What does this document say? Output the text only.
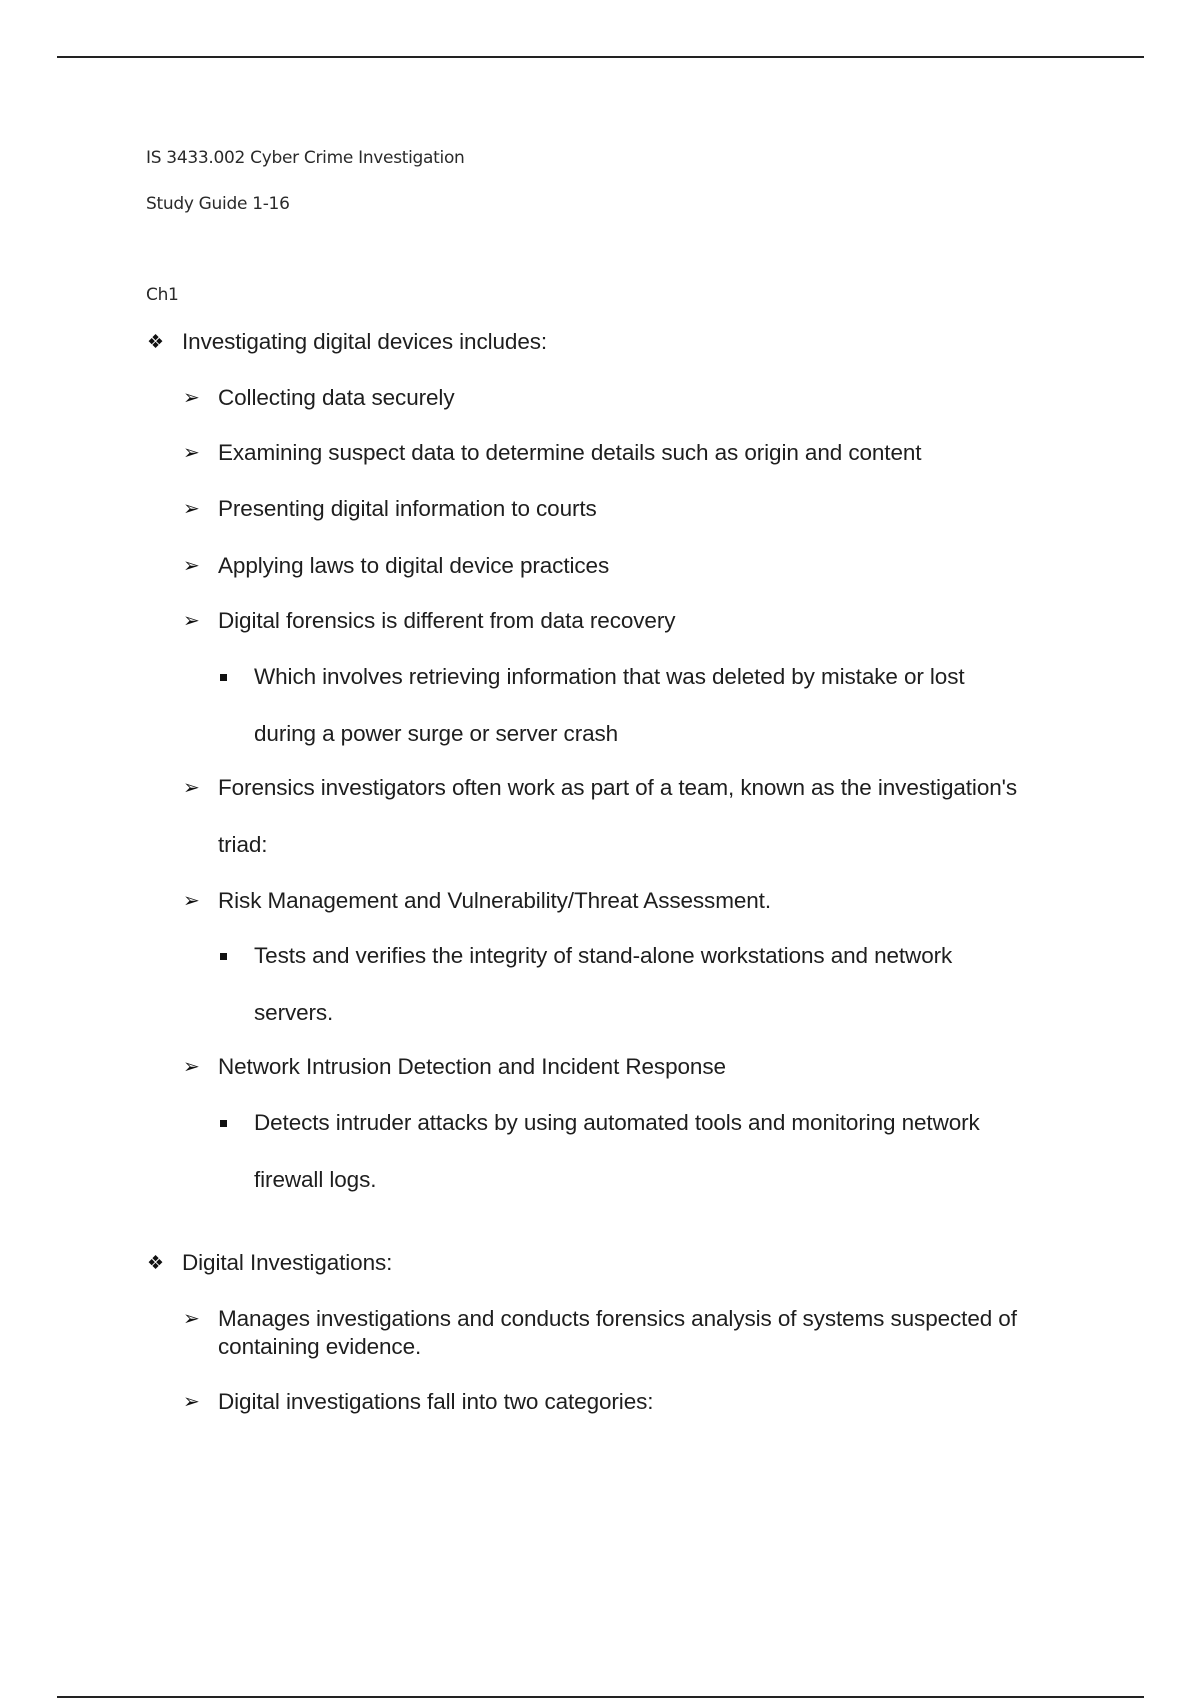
IS 3433.002 Cyber Crime Investigation
Study Guide 1-16
Ch1
❖ Investigating digital devices includes:
➢ Collecting data securely
➢ Examining suspect data to determine details such as origin and content
➢ Presenting digital information to courts
➢ Applying laws to digital device practices
➢ Digital forensics is different from data recovery
Which involves retrieving information that was deleted by mistake or lost
during a power surge or server crash
➢ Forensics investigators often work as part of a team, known as the investigation's
triad:
➢ Risk Management and Vulnerability/Threat Assessment.
Tests and verifies the integrity of stand-alone workstations and network
servers.
➢ Network Intrusion Detection and Incident Response
Detects intruder attacks by using automated tools and monitoring network
firewall logs.
❖ Digital Investigations:
➢ Manages investigations and conducts forensics analysis of systems suspected of
containing evidence.
➢ Digital investigations fall into two categories:
